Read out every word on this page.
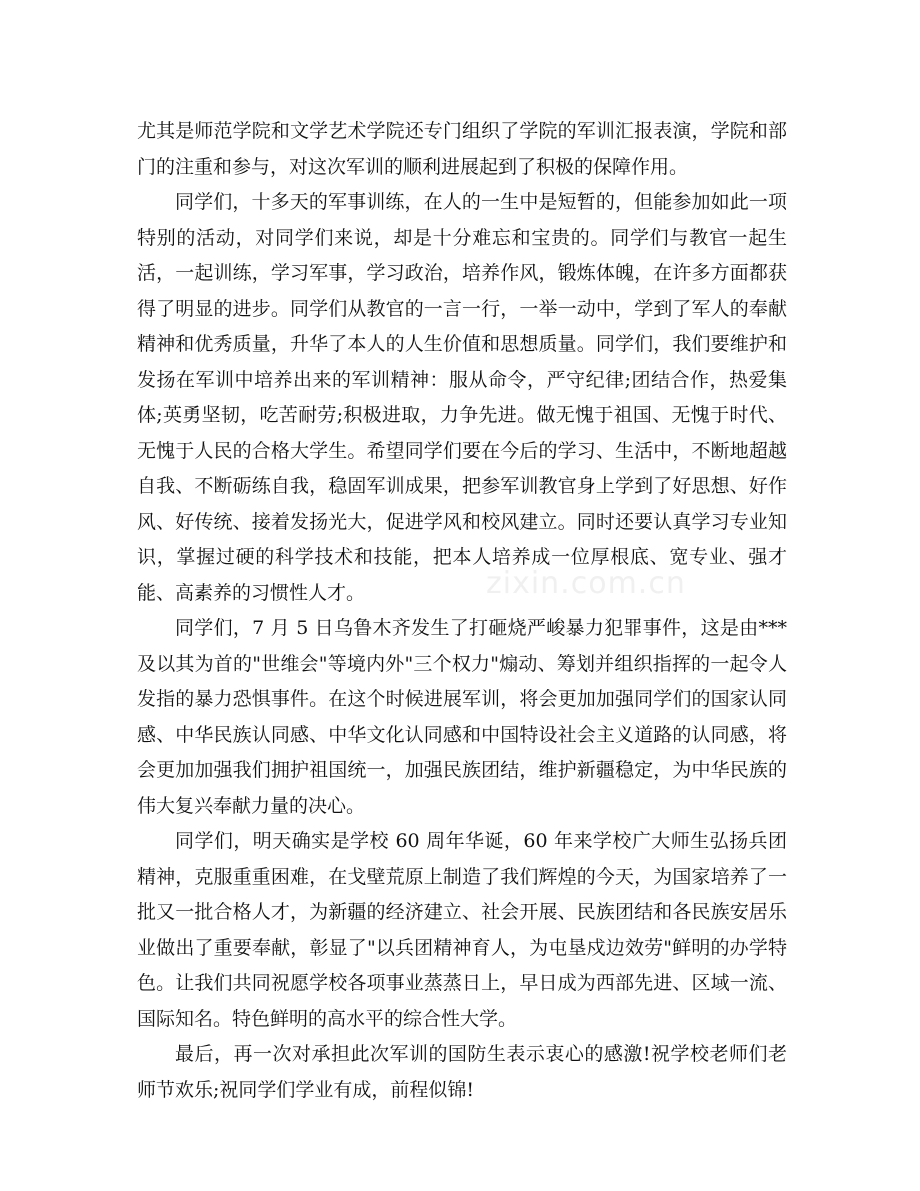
尤其是师范学院和文学艺术学院还专门组织了学院的军训汇报表演，学院和部门的注重和参与，对这次军训的顺利进展起到了积极的保障作用。

同学们，十多天的军事训练，在人的一生中是短暂的，但能参加如此一项特别的活动，对同学们来说，却是十分难忘和宝贵的。同学们与教官一起生活，一起训练，学习军事，学习政治，培养作风，锻炼体魄，在许多方面都获得了明显的进步。同学们从教官的一言一行，一举一动中，学到了军人的奉献精神和优秀质量，升华了本人的人生价值和思想质量。同学们，我们要维护和发扬在军训中培养出来的军训精神：服从命令，严守纪律;团结合作，热爱集体;英勇坚韧，吃苦耐劳;积极进取，力争先进。做无愧于祖国、无愧于时代、无愧于人民的合格大学生。希望同学们要在今后的学习、生活中，不断地超越自我、不断砺练自我，稳固军训成果，把参军训教官身上学到了好思想、好作风、好传统、接着发扬光大，促进学风和校风建立。同时还要认真学习专业知识，掌握过硬的科学技术和技能，把本人培养成一位厚根底、宽专业、强才能、高素养的习惯性人才。

同学们，7 月 5 日乌鲁木齐发生了打砸烧严峻暴力犯罪事件，这是由***及以其为首的"世维会"等境内外"三个权力"煽动、筹划并组织指挥的一起令人发指的暴力恐惧事件。在这个时候进展军训，将会更加加强同学们的国家认同感、中华民族认同感、中华文化认同感和中国特设社会主义道路的认同感，将会更加加强我们拥护祖国统一，加强民族团结，维护新疆稳定，为中华民族的伟大复兴奉献力量的决心。

同学们，明天确实是学校 60 周年华诞，60 年来学校广大师生弘扬兵团精神，克服重重困难，在戈壁荒原上制造了我们辉煌的今天，为国家培养了一批又一批合格人才，为新疆的经济建立、社会开展、民族团结和各民族安居乐业做出了重要奉献，彰显了"以兵团精神育人，为屯垦戍边效劳"鲜明的办学特色。让我们共同祝愿学校各项事业蒸蒸日上，早日成为西部先进、区域一流、国际知名。特色鲜明的高水平的综合性大学。

最后，再一次对承担此次军训的国防生表示衷心的感激!祝学校老师们老师节欢乐;祝同学们学业有成，前程似锦!

zixin.com.cn
